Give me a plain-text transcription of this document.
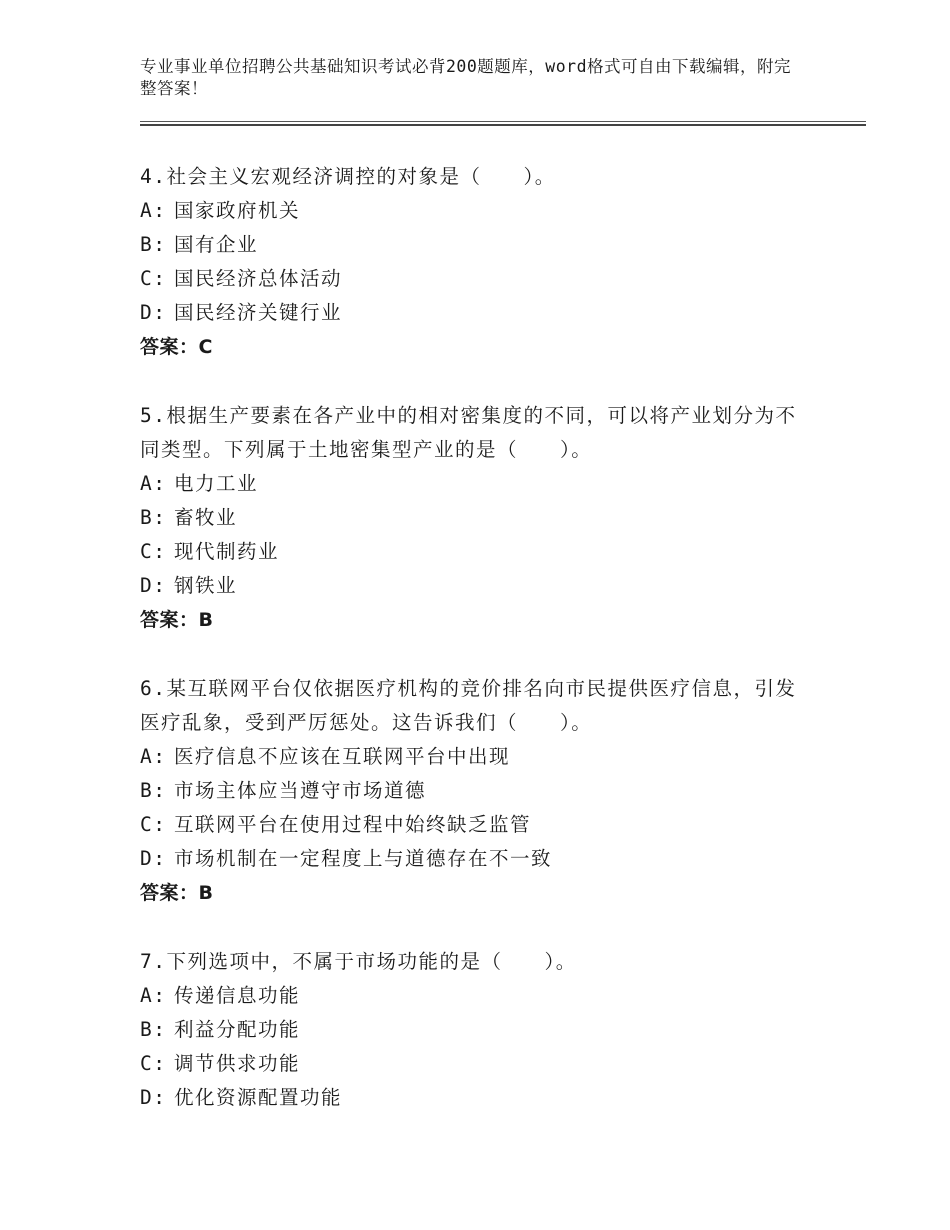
专业事业单位招聘公共基础知识考试必背200题题库，word格式可自由下载编辑，附完整答案！

4.社会主义宏观经济调控的对象是（　　）。

A: 国家政府机关

B: 国有企业

C: 国民经济总体活动

D: 国民经济关键行业

答案：C

5.根据生产要素在各产业中的相对密集度的不同，可以将产业划分为不同类型。下列属于土地密集型产业的是（　　）。

A: 电力工业

B: 畜牧业

C: 现代制药业

D: 钢铁业

答案：B

6.某互联网平台仅依据医疗机构的竞价排名向市民提供医疗信息，引发医疗乱象，受到严厉惩处。这告诉我们（　　）。

A: 医疗信息不应该在互联网平台中出现

B: 市场主体应当遵守市场道德

C: 互联网平台在使用过程中始终缺乏监管

D: 市场机制在一定程度上与道德存在不一致

答案：B

7.下列选项中，不属于市场功能的是（　　）。

A: 传递信息功能

B: 利益分配功能

C: 调节供求功能

D: 优化资源配置功能
